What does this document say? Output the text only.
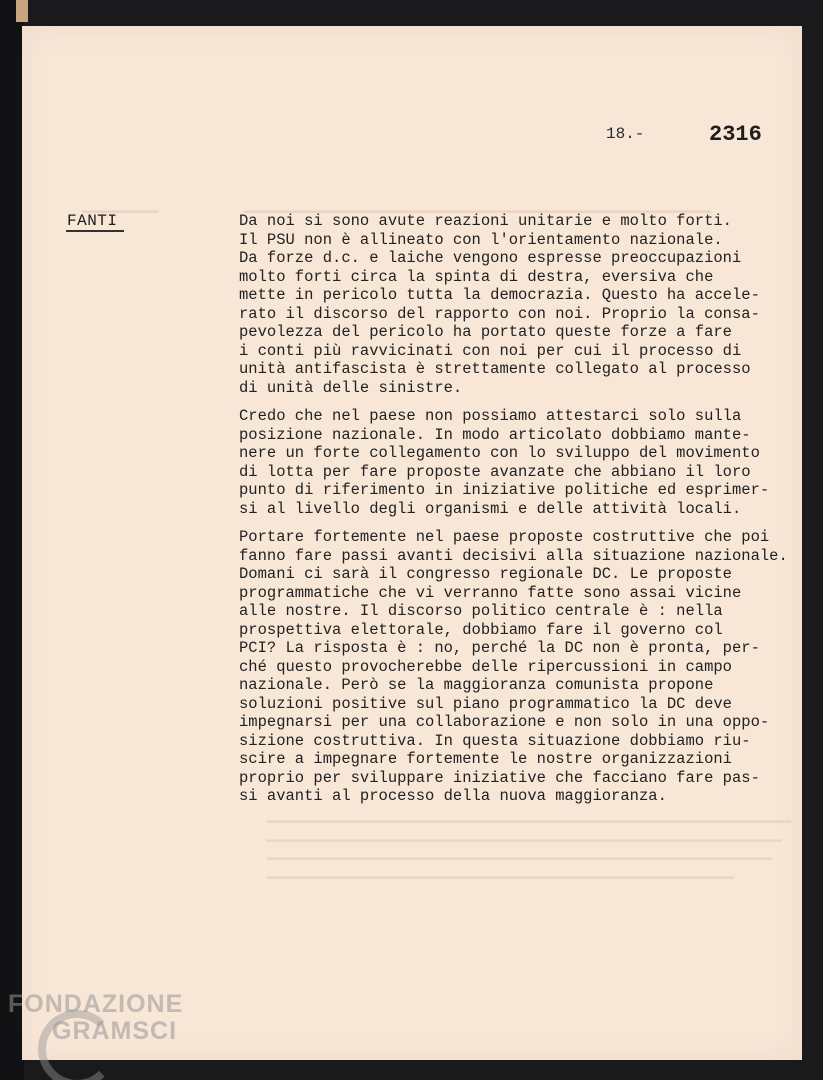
▁▁▁▁▁▁▁▁         ▁▁▁▁▁▁▁▁▁▁▁▁▁▁▁▁▁▁▁▁▁▁▁▁▁▁▁▁▁▁▁▁▁▁▁▁▁▁▁▁▁▁▁▁▁▁▁▁▁
▁▁▁▁▁▁▁▁▁▁▁▁▁▁▁▁▁▁▁▁▁▁▁▁▁▁▁▁▁▁▁▁▁▁▁▁▁▁▁▁▁▁▁▁▁▁▁▁▁▁▁▁▁▁▁
▁▁▁▁▁▁▁▁▁▁▁▁▁▁▁▁▁▁▁▁▁▁▁▁▁▁▁▁▁▁▁▁▁▁▁▁▁▁▁▁▁▁▁▁▁▁▁▁▁▁▁▁▁▁
▁▁▁▁▁▁▁▁▁▁▁▁▁▁▁▁▁▁▁▁▁▁▁▁▁▁▁▁▁▁▁▁▁▁▁▁▁▁▁▁▁▁▁▁▁▁▁▁▁▁▁▁▁
▁▁▁▁▁▁▁▁▁▁▁▁▁▁▁▁▁▁▁▁▁▁▁▁▁▁▁▁▁▁▁▁▁▁▁▁▁▁▁▁▁▁▁▁▁▁▁▁▁
18.-	2316
FANTI	Da noi si sono avute reazioni unitarie e molto forti.
Il PSU non è allineato con l'orientamento nazionale.
Da forze d.c. e laiche vengono espresse preoccupazioni
molto forti circa la spinta di destra, eversiva che
mette in pericolo tutta la democrazia. Questo ha accele-
rato il discorso del rapporto con noi. Proprio la consa-
pevolezza del pericolo ha portato queste forze a fare
i conti più ravvicinati con noi per cui il processo di
unità antifascista è strettamente collegato al processo
di unità delle sinistre.
Credo che nel paese non possiamo attestarci solo sulla
posizione nazionale. In modo articolato dobbiamo mante-
nere un forte collegamento con lo sviluppo del movimento
di lotta per fare proposte avanzate che abbiano il loro
punto di riferimento in iniziative politiche ed esprimer-
si al livello degli organismi e delle attività locali.
Portare fortemente nel paese proposte costruttive che poi
fanno fare passi avanti decisivi alla situazione nazionale.
Domani ci sarà il congresso regionale DC. Le proposte
programmatiche che vi verranno fatte sono assai vicine
alle nostre. Il discorso politico centrale è : nella
prospettiva elettorale, dobbiamo fare il governo col
PCI? La risposta è : no, perché la DC non è pronta, per-
ché questo provocherebbe delle ripercussioni in campo
nazionale. Però se la maggioranza comunista propone
soluzioni positive sul piano programmatico la DC deve
impegnarsi per una collaborazione e non solo in una oppo-
sizione costruttiva. In questa situazione dobbiamo riu-
scire a impegnare fortemente le nostre organizzazioni
proprio per sviluppare iniziative che facciano fare pas-
si avanti al processo della nuova maggioranza.
FONDAZIONE
GRAMSCI
